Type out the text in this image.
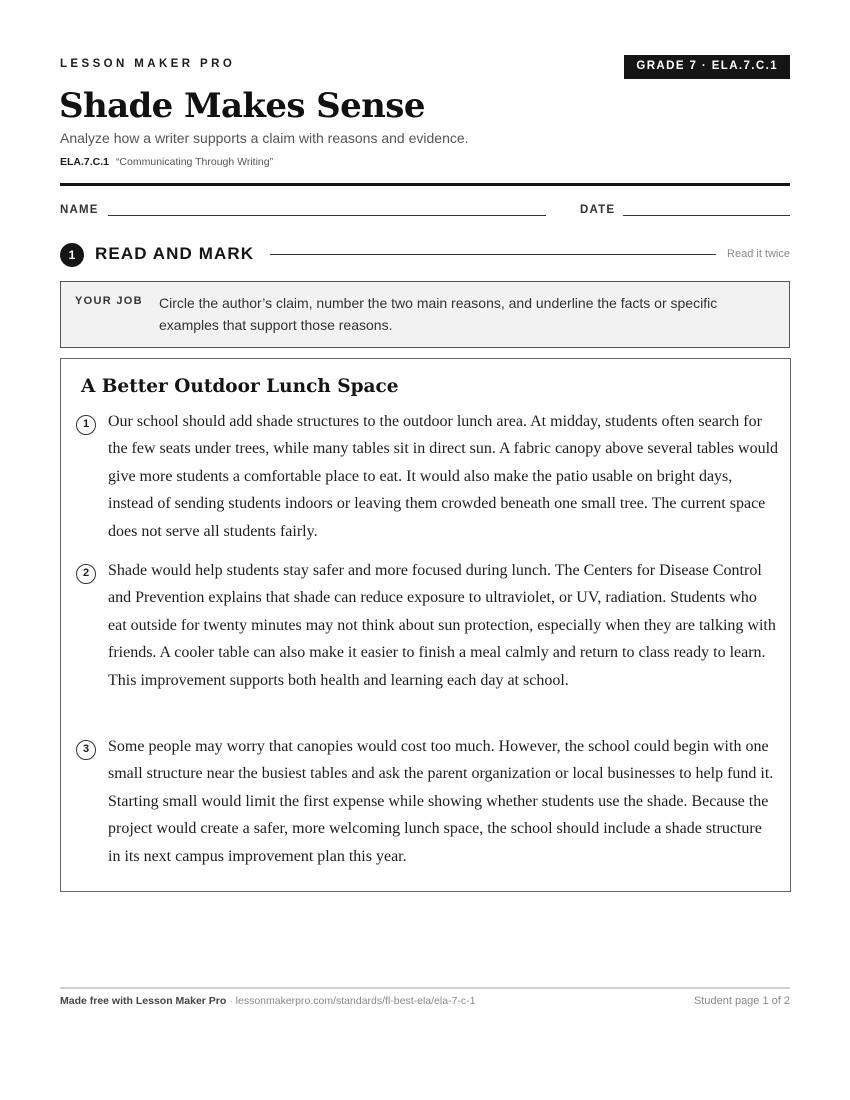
LESSON MAKER PRO	GRADE 7 · ELA.7.C.1
Shade Makes Sense
Analyze how a writer supports a claim with reasons and evidence.
ELA.7.C.1 “Communicating Through Writing”
NAME	DATE
1	READ AND MARK	Read it twice
YOUR JOB Circle the author’s claim, number the two main reasons, and underline the facts or specific examples that support those reasons.
A Better Outdoor Lunch Space
1	Our school should add shade structures to the outdoor lunch area. At midday, students often search for the few seats under trees, while many tables sit in direct sun. A fabric canopy above several tables would give more students a comfortable place to eat. It would also make the patio usable on bright days, instead of sending students indoors or leaving them crowded beneath one small tree. The current space does not serve all students fairly.
2	Shade would help students stay safer and more focused during lunch. The Centers for Disease Control and Prevention explains that shade can reduce exposure to ultraviolet, or UV, radiation. Students who eat outside for twenty minutes may not think about sun protection, especially when they are talking with friends. A cooler table can also make it easier to finish a meal calmly and return to class ready to learn. This improvement supports both health and learning each day at school.
3	Some people may worry that canopies would cost too much. However, the school could begin with one small structure near the busiest tables and ask the parent organization or local businesses to help fund it. Starting small would limit the first expense while showing whether students use the shade. Because the project would create a safer, more welcoming lunch space, the school should include a shade structure in its next campus improvement plan this year.
Made free with Lesson Maker Pro · lessonmakerpro.com/standards/fl-best-ela/ela-7-c-1	Student page 1 of 2
